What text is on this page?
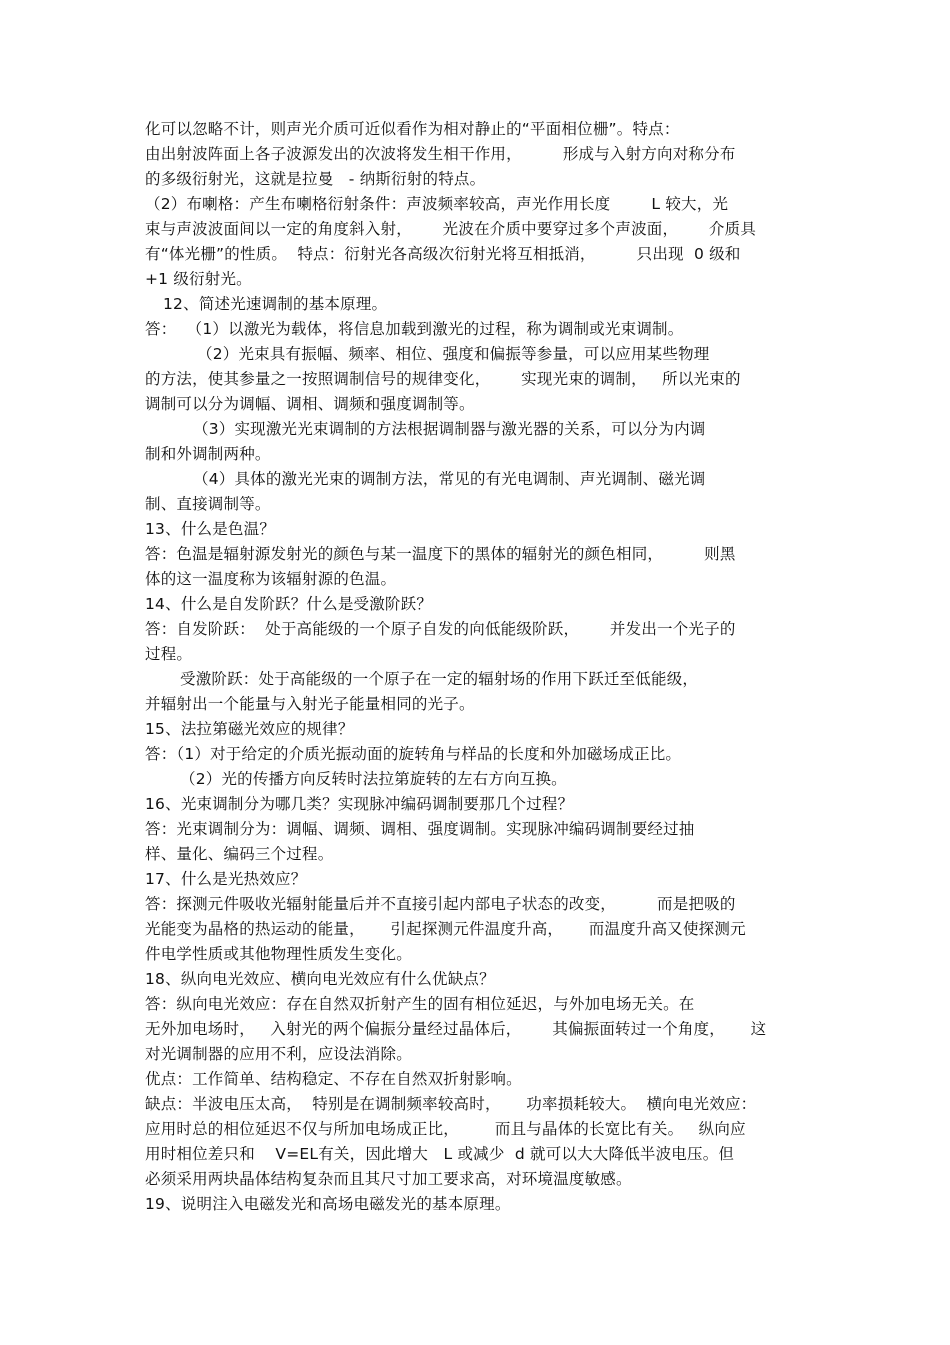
化可以忽略不计，则声光介质可近似看作为相对静止的“平面相位栅”。特点：
由出射波阵面上各子波源发出的次波将发生相干作用，        形成与入射方向对称分布
的多级衍射光，这就是拉曼   - 纳斯衍射的特点。
（2）布喇格：产生布喇格衍射条件：声波频率较高，声光作用长度        L 较大，光
束与声波波面间以一定的角度斜入射，      光波在介质中要穿过多个声波面，      介质具
有“体光栅”的性质。  特点：衍射光各高级次衍射光将互相抵消，        只出现  0 级和
+1 级衍射光。
12、简述光速调制的基本原理。
答：  （1）以激光为载体，将信息加载到激光的过程，称为调制或光束调制。
（2）光束具有振幅、频率、相位、强度和偏振等参量，可以应用某些物理
的方法，使其参量之一按照调制信号的规律变化，      实现光束的调制，   所以光束的
调制可以分为调幅、调相、调频和强度调制等。
（3）实现激光光束调制的方法根据调制器与激光器的关系，可以分为内调
制和外调制两种。
（4）具体的激光光束的调制方法，常见的有光电调制、声光调制、磁光调
制、直接调制等。
13、什么是色温？
答：色温是辐射源发射光的颜色与某一温度下的黑体的辐射光的颜色相同，        则黑
体的这一温度称为该辐射源的色温。
14、什么是自发阶跃？什么是受激阶跃？
答：自发阶跃：  处于高能级的一个原子自发的向低能级阶跃，      并发出一个光子的
过程。
受激阶跃：处于高能级的一个原子在一定的辐射场的作用下跃迁至低能级，
并辐射出一个能量与入射光子能量相同的光子。
15、法拉第磁光效应的规律？
答：（1）对于给定的介质光振动面的旋转角与样品的长度和外加磁场成正比。
（2）光的传播方向反转时法拉第旋转的左右方向互换。
16、光束调制分为哪几类？实现脉冲编码调制要那几个过程？
答：光束调制分为：调幅、调频、调相、强度调制。实现脉冲编码调制要经过抽
样、量化、编码三个过程。
17、什么是光热效应？
答：探测元件吸收光辐射能量后并不直接引起内部电子状态的改变，        而是把吸的
光能变为晶格的热运动的能量，     引起探测元件温度升高，     而温度升高又使探测元
件电学性质或其他物理性质发生变化。
18、纵向电光效应、横向电光效应有什么优缺点？
答：纵向电光效应：存在自然双折射产生的固有相位延迟，与外加电场无关。在
无外加电场时，   入射光的两个偏振分量经过晶体后，      其偏振面转过一个角度，     这
对光调制器的应用不利，应设法消除。
优点：工作简单、结构稳定、不存在自然双折射影响。
缺点：半波电压太高，  特别是在调制频率较高时，     功率损耗较大。  横向电光效应：
应用时总的相位延迟不仅与所加电场成正比，       而且与晶体的长宽比有关。   纵向应
用时相位差只和    V=EL有关，因此增大   L 或减少  d 就可以大大降低半波电压。但
必须采用两块晶体结构复杂而且其尺寸加工要求高，对环境温度敏感。
19、说明注入电磁发光和高场电磁发光的基本原理。
